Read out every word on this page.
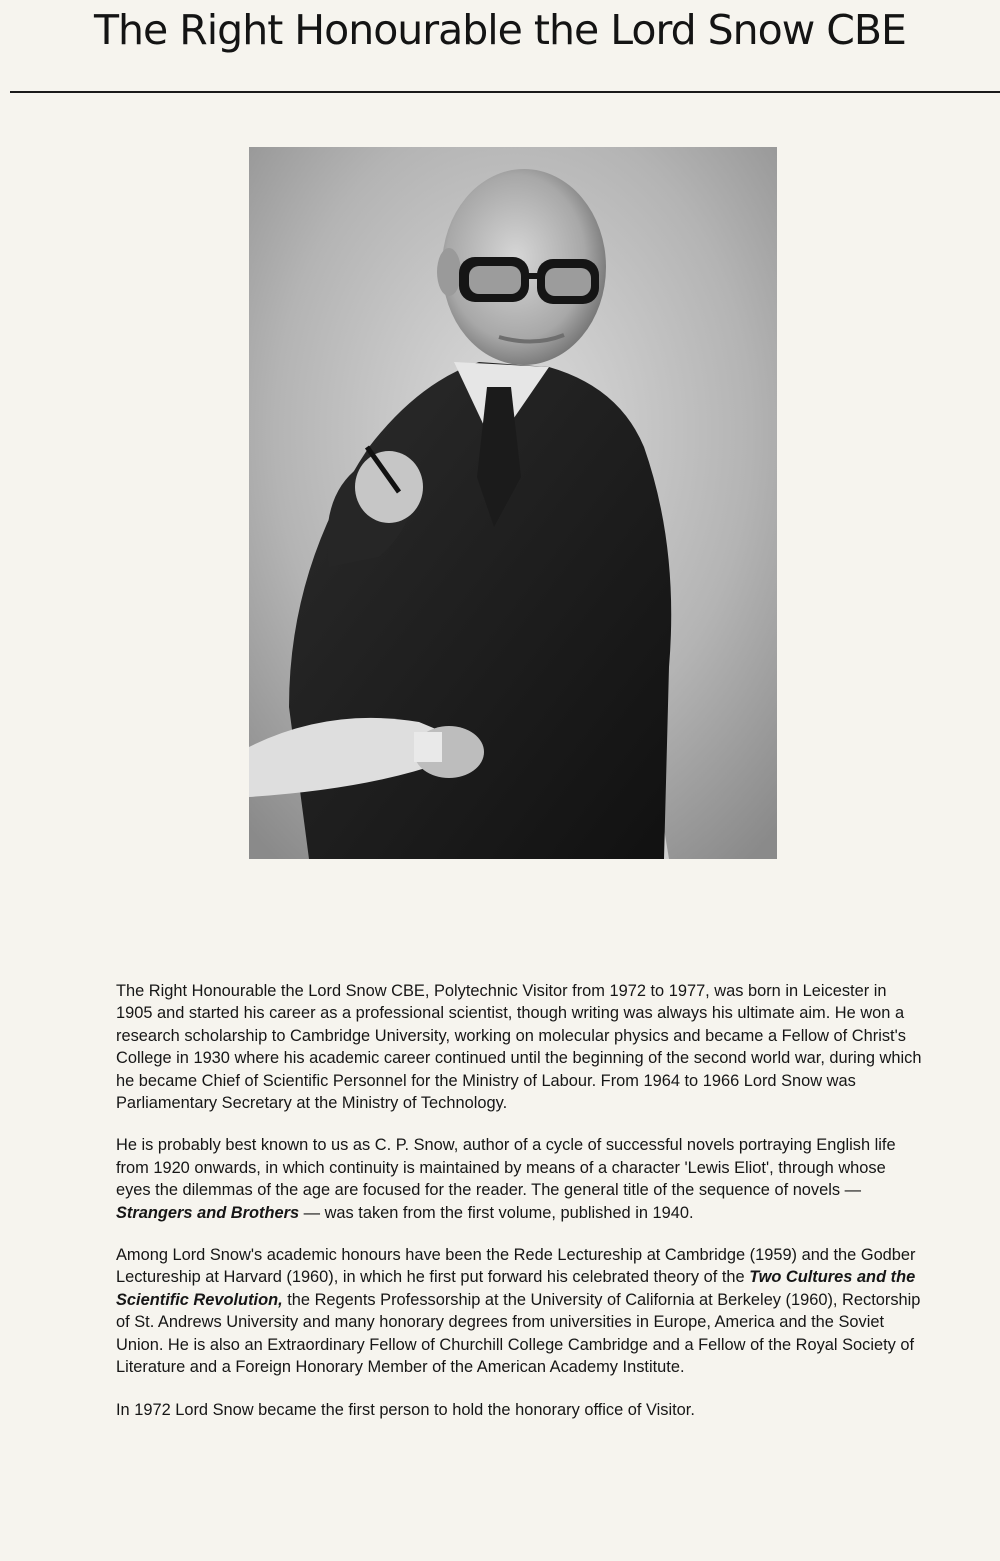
The Right Honourable the Lord Snow CBE

The Right Honourable the Lord Snow CBE, Polytechnic Visitor from 1972 to 1977, was born in Leicester in 1905 and started his career as a professional scientist, though writing was always his ultimate aim. He won a research scholarship to Cambridge University, working on molecular physics and became a Fellow of Christ's College in 1930 where his academic career continued until the beginning of the second world war, during which he became Chief of Scientific Personnel for the Ministry of Labour. From 1964 to 1966 Lord Snow was Parliamentary Secretary at the Ministry of Technology.

He is probably best known to us as C. P. Snow, author of a cycle of successful novels portraying English life from 1920 onwards, in which continuity is maintained by means of a character 'Lewis Eliot', through whose eyes the dilemmas of the age are focused for the reader. The general title of the sequence of novels — Strangers and Brothers — was taken from the first volume, published in 1940.

Among Lord Snow's academic honours have been the Rede Lectureship at Cambridge (1959) and the Godber Lectureship at Harvard (1960), in which he first put forward his celebrated theory of the Two Cultures and the Scientific Revolution, the Regents Professorship at the University of California at Berkeley (1960), Rectorship of St. Andrews University and many honorary degrees from universities in Europe, America and the Soviet Union. He is also an Extraordinary Fellow of Churchill College Cambridge and a Fellow of the Royal Society of Literature and a Foreign Honorary Member of the American Academy Institute.

In 1972 Lord Snow became the first person to hold the honorary office of Visitor.
